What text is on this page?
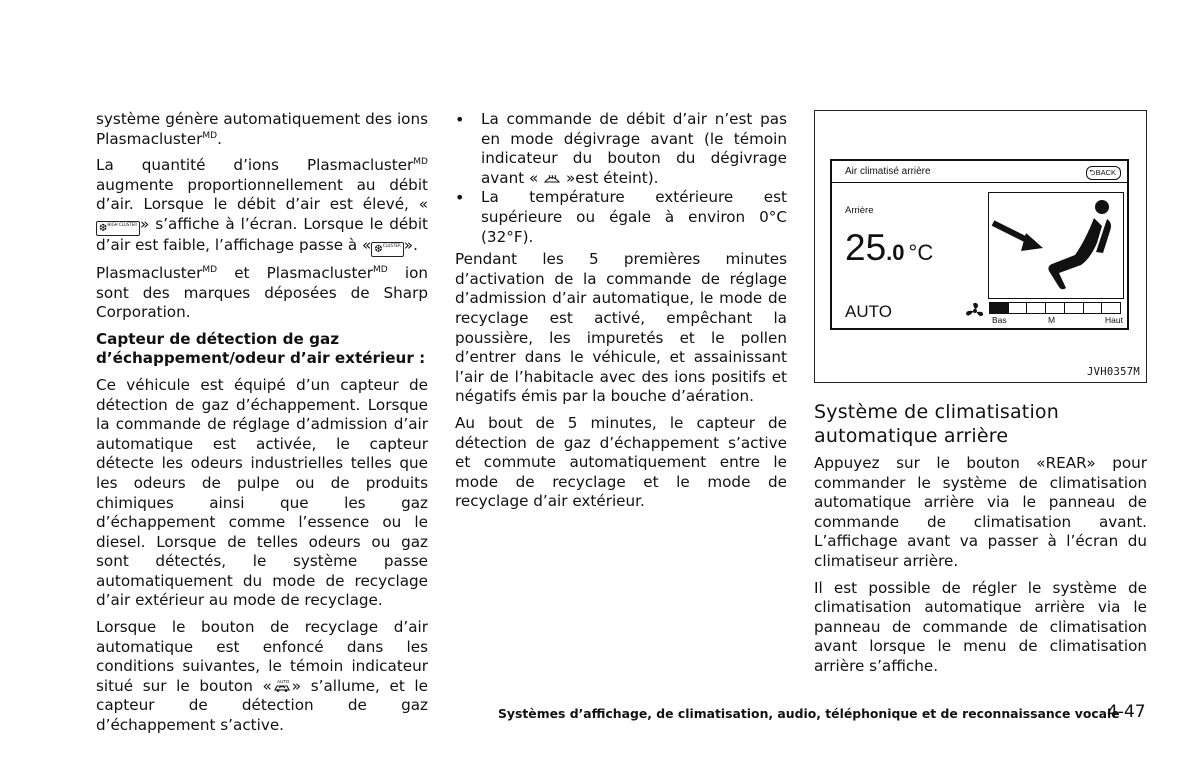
système génère automatiquement des ions Plasmacluster$^{MD}$.

La quantité d’ions Plasmacluster$^{MD}$ augmente proportionnellement au débit d’air. Lorsque le débit d’air est élevé, «❆$^{HIGH CLUSTER}$ » s’affiche à l’écran. Lorsque le débit d’air est faible, l’affichage passe à « ❆$^{CLUSTER}$ ».

Plasmacluster$^{MD}$ et Plasmacluster$^{MD}$ ion sont des marques déposées de Sharp Corporation.

Capteur de détection de gaz d’échappement/odeur d’air extérieur :

Ce véhicule est équipé d’un capteur de détection de gaz d’échappement. Lorsque la commande de réglage d’admission d’air automatique est activée, le capteur détecte les odeurs industrielles telles que les odeurs de pulpe ou de produits chimiques ainsi que les gaz d’échappement comme l’essence ou le diesel. Lorsque de telles odeurs ou gaz sont détectés, le système passe automatiquement du mode de recyclage d’air extérieur au mode de recyclage.

Lorsque le bouton de recyclage d’air automatique est enfoncé dans les conditions suivantes, le témoin indicateur situé sur le bouton « AUTO » s’allume, et le capteur de détection de gaz d’échappement s’active.

• La commande de débit d’air n’est pas en mode dégivrage avant (le témoin indicateur du bouton du dégivrage avant « »est éteint).
• La température extérieure est supérieure ou égale à environ 0°C (32°F).

Pendant les 5 premières minutes d’activation de la commande de réglage d’admission d’air automatique, le mode de recyclage est activé, empêchant la poussière, les impuretés et le pollen d’entrer dans le véhicule, et assainissant l’air de l’habitacle avec des ions positifs et négatifs émis par la bouche d’aération.

Au bout de 5 minutes, le capteur de détection de gaz d’échappement s’active et commute automatiquement entre le mode de recyclage et le mode de recyclage d’air extérieur.

Air climatisé arrière	⮌BACK
Arrière
25.0 °C
AUTO	Bas	M	Haut
JVH0357M
Système de climatisation automatique arrière

Appuyez sur le bouton «REAR» pour commander le système de climatisation automatique arrière via le panneau de commande de climatisation avant. L’affichage avant va passer à l’écran du climatiseur arrière.

Il est possible de régler le système de climatisation automatique arrière via le panneau de commande de climatisation avant lorsque le menu de climatisation arrière s’affiche.

Systèmes d’affichage, de climatisation, audio, téléphonique et de reconnaissance vocale
4-47
